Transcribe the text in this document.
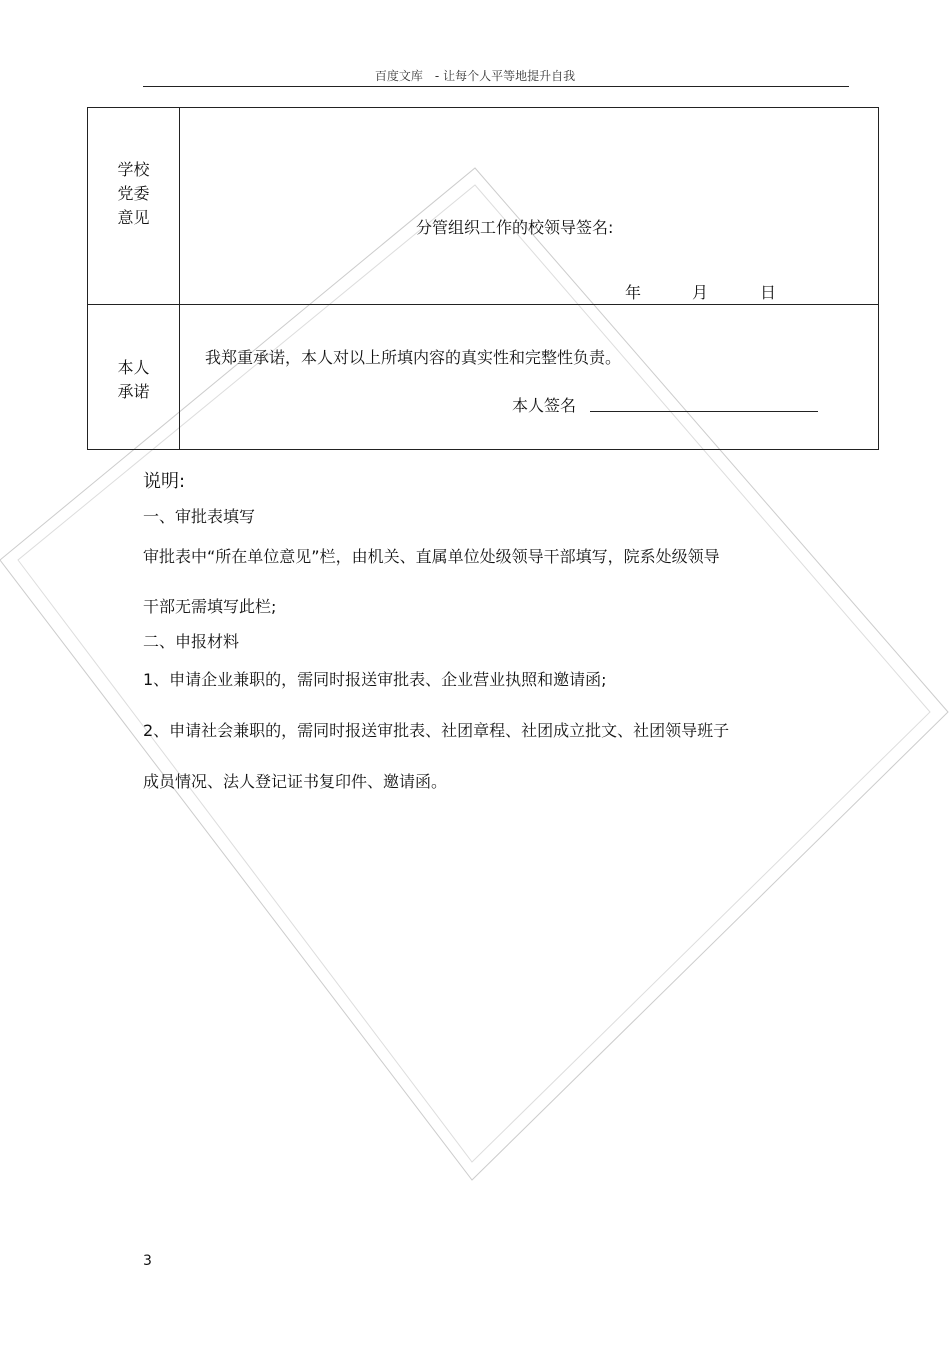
百度文库　- 让每个人平等地提升自我
学校
党委
意见
分管组织工作的校领导签名:
年	月	日
本人
承诺
我郑重承诺，本人对以上所填内容的真实性和完整性负责。
本人签名
说明:
一、审批表填写
审批表中“所在单位意见”栏，由机关、直属单位处级领导干部填写，院系处级领导
干部无需填写此栏;
二、申报材料
1、申请企业兼职的，需同时报送审批表、企业营业执照和邀请函;
2、申请社会兼职的，需同时报送审批表、社团章程、社团成立批文、社团领导班子
成员情况、法人登记证书复印件、邀请函。
3
